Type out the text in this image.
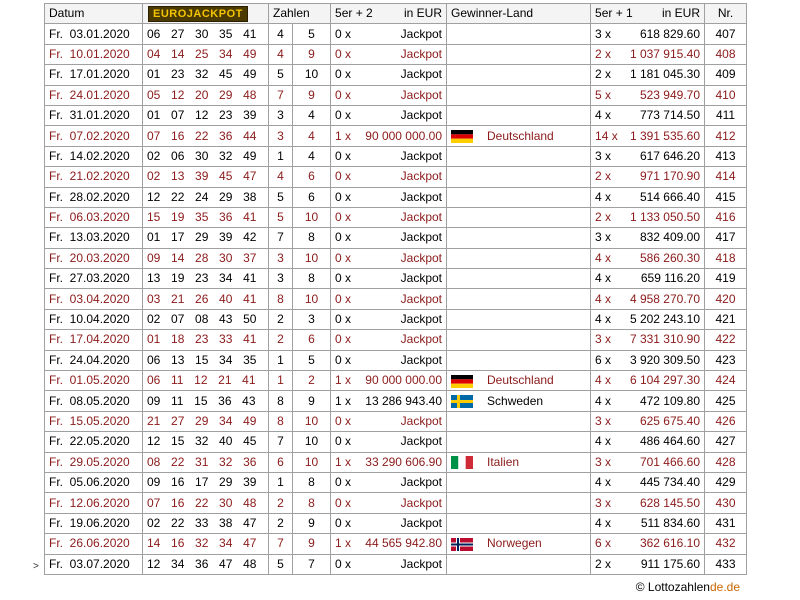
Datum	EUROJACKPOT	Zahlen		5er + 2 in EUR	Gewinner-Land	5er + 1 in EUR	Nr.
Fr. 03.01.2020	06  27  30  35  41	4	5	0 x Jackpot		3 x 618 829.60	407
Fr. 10.01.2020	04  14  25  34  49	4	9	0 x Jackpot		2 x 1 037 915.40	408
Fr. 17.01.2020	01  23  32  45  49	5	10	0 x Jackpot		2 x 1 181 045.30	409
Fr. 24.01.2020	05  12  20  29  48	7	9	0 x Jackpot		5 x 523 949.70	410
Fr. 31.01.2020	01  07  12  23  39	3	4	0 x Jackpot		4 x 773 714.50	411
Fr. 07.02.2020	07  16  22  36  44	3	4	1 x 90 000 000.00	Deutschland	14 x 1 391 535.60	412
Fr. 14.02.2020	02  06  30  32  49	1	4	0 x Jackpot		3 x 617 646.20	413
Fr. 21.02.2020	02  13  39  45  47	4	6	0 x Jackpot		2 x 971 170.90	414
Fr. 28.02.2020	12  22  24  29  38	5	6	0 x Jackpot		4 x 514 666.40	415
Fr. 06.03.2020	15  19  35  36  41	5	10	0 x Jackpot		2 x 1 133 050.50	416
Fr. 13.03.2020	01  17  29  39  42	7	8	0 x Jackpot		3 x 832 409.00	417
Fr. 20.03.2020	09  14  28  30  37	3	10	0 x Jackpot		4 x 586 260.30	418
Fr. 27.03.2020	13  19  23  34  41	3	8	0 x Jackpot		4 x 659 116.20	419
Fr. 03.04.2020	03  21  26  40  41	8	10	0 x Jackpot		4 x 4 958 270.70	420
Fr. 10.04.2020	02  07  08  43  50	2	3	0 x Jackpot		4 x 5 202 243.10	421
Fr. 17.04.2020	01  18  23  33  41	2	6	0 x Jackpot		3 x 7 331 310.90	422
Fr. 24.04.2020	06  13  15  34  35	1	5	0 x Jackpot		6 x 3 920 309.50	423
Fr. 01.05.2020	06  11  12  21  41	1	2	1 x 90 000 000.00	Deutschland	4 x 6 104 297.30	424
Fr. 08.05.2020	09  11  15  36  43	8	9	1 x 13 286 943.40	Schweden	4 x 472 109.80	425
Fr. 15.05.2020	21  27  29  34  49	8	10	0 x Jackpot		3 x 625 675.40	426
Fr. 22.05.2020	12  15  32  40  45	7	10	0 x Jackpot		4 x 486 464.60	427
Fr. 29.05.2020	08  22  31  32  36	6	10	1 x 33 290 606.90	Italien	3 x 701 466.60	428
Fr. 05.06.2020	09  16  17  29  39	1	8	0 x Jackpot		4 x 445 734.40	429
Fr. 12.06.2020	07  16  22  30  48	2	8	0 x Jackpot		3 x 628 145.50	430
Fr. 19.06.2020	02  22  33  38  47	2	9	0 x Jackpot		4 x 511 834.60	431
Fr. 26.06.2020	14  16  32  34  47	7	9	1 x 44 565 942.80	Norwegen	6 x 362 616.10	432
Fr. 03.07.2020	12  34  36  47  48	5	7	0 x Jackpot		2 x 911 175.60	433
>
© Lottozahlende.de
